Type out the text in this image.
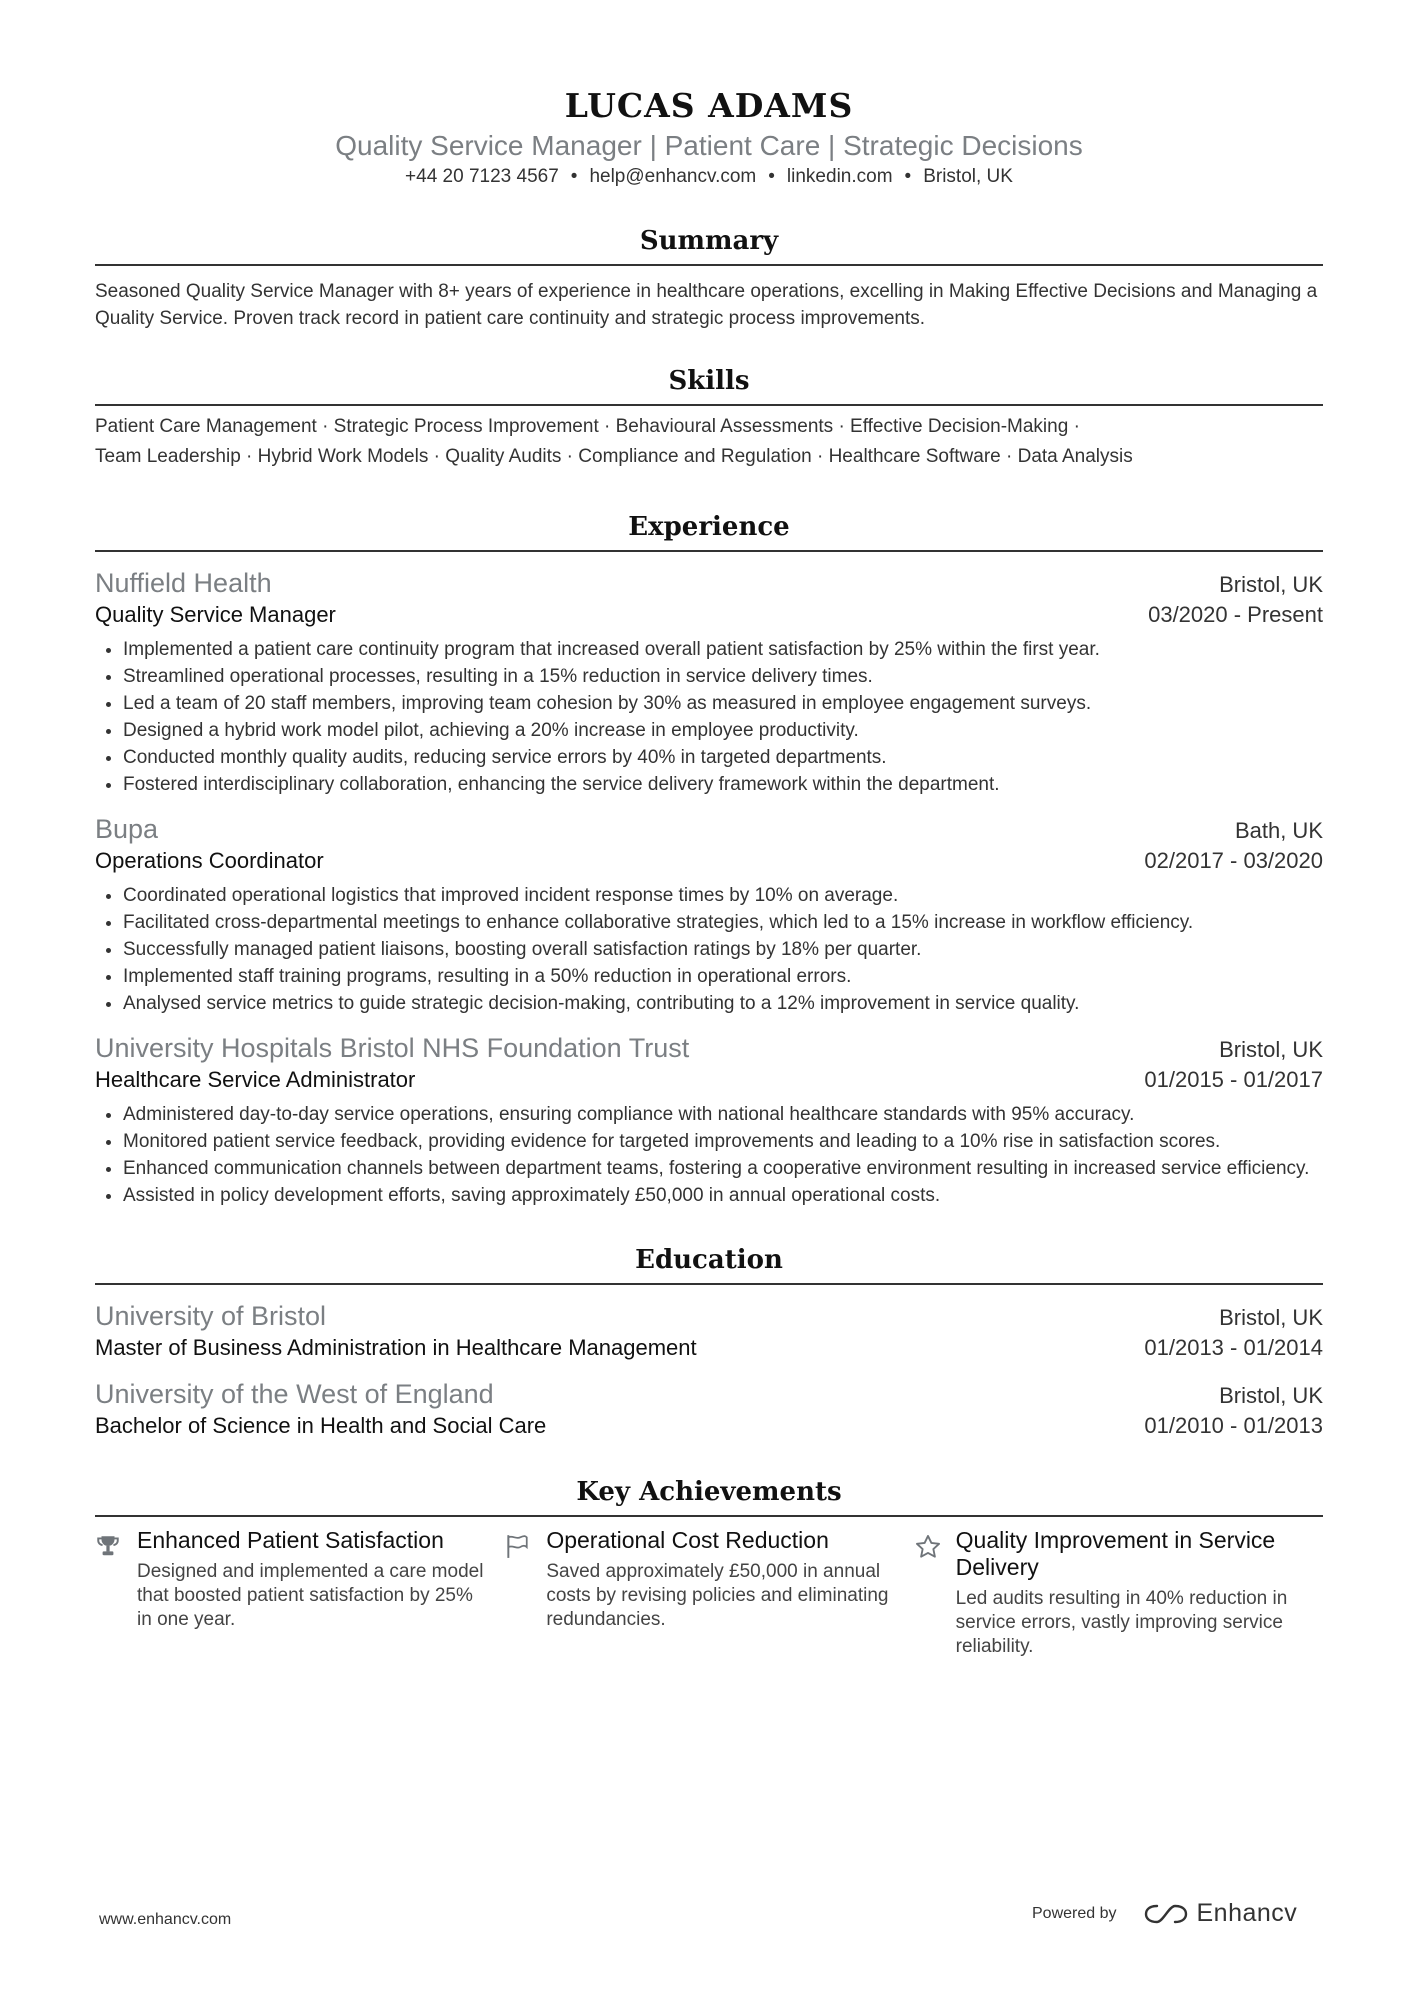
LUCAS ADAMS
Quality Service Manager | Patient Care | Strategic Decisions
+44 20 7123 4567 • help@enhancv.com • linkedin.com • Bristol, UK
Summary
Seasoned Quality Service Manager with 8+ years of experience in healthcare operations, excelling in Making Effective Decisions and Managing a Quality Service. Proven track record in patient care continuity and strategic process improvements.
Skills
Patient Care Management · Strategic Process Improvement · Behavioural Assessments · Effective Decision-Making ·
Team Leadership · Hybrid Work Models · Quality Audits · Compliance and Regulation · Healthcare Software · Data Analysis
Experience
Nuffield Health	Bristol, UK
Quality Service Manager	03/2020 - Present
• Implemented a patient care continuity program that increased overall patient satisfaction by 25% within the first year.
• Streamlined operational processes, resulting in a 15% reduction in service delivery times.
• Led a team of 20 staff members, improving team cohesion by 30% as measured in employee engagement surveys.
• Designed a hybrid work model pilot, achieving a 20% increase in employee productivity.
• Conducted monthly quality audits, reducing service errors by 40% in targeted departments.
• Fostered interdisciplinary collaboration, enhancing the service delivery framework within the department.
Bupa	Bath, UK
Operations Coordinator	02/2017 - 03/2020
• Coordinated operational logistics that improved incident response times by 10% on average.
• Facilitated cross-departmental meetings to enhance collaborative strategies, which led to a 15% increase in workflow efficiency.
• Successfully managed patient liaisons, boosting overall satisfaction ratings by 18% per quarter.
• Implemented staff training programs, resulting in a 50% reduction in operational errors.
• Analysed service metrics to guide strategic decision-making, contributing to a 12% improvement in service quality.
University Hospitals Bristol NHS Foundation Trust	Bristol, UK
Healthcare Service Administrator	01/2015 - 01/2017
• Administered day-to-day service operations, ensuring compliance with national healthcare standards with 95% accuracy.
• Monitored patient service feedback, providing evidence for targeted improvements and leading to a 10% rise in satisfaction scores.
• Enhanced communication channels between department teams, fostering a cooperative environment resulting in increased service efficiency.
• Assisted in policy development efforts, saving approximately £50,000 in annual operational costs.
Education
University of Bristol	Bristol, UK
Master of Business Administration in Healthcare Management	01/2013 - 01/2014
University of the West of England	Bristol, UK
Bachelor of Science in Health and Social Care	01/2010 - 01/2013
Key Achievements
Enhanced Patient Satisfaction
Designed and implemented a care model that boosted patient satisfaction by 25% in one year.
Operational Cost Reduction
Saved approximately £50,000 in annual costs by revising policies and eliminating redundancies.
Quality Improvement in Service Delivery
Led audits resulting in 40% reduction in service errors, vastly improving service reliability.
www.enhancv.com	Powered by	Enhancv
